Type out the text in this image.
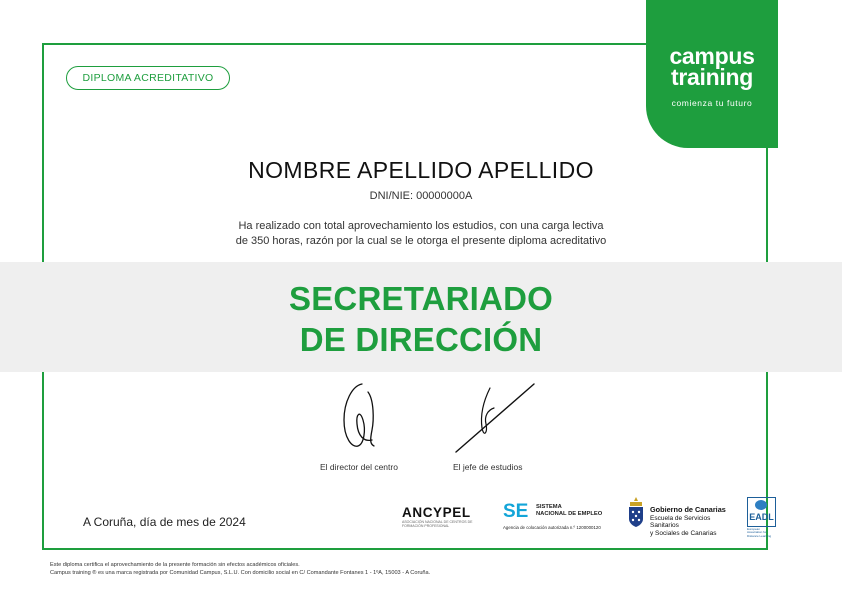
DIPLOMA ACREDITATIVO
campus
training
comienza tu futuro
NOMBRE APELLIDO APELLIDO
DNI/NIE: 00000000A
Ha realizado con total aprovechamiento los estudios, con una carga lectiva
de 350 horas, razón por la cual se le otorga el presente diploma acreditativo
SECRETARIADO
DE DIRECCIÓN
El director del centro	El jefe de estudios
A Coruña, día de mes de 2024
ANCYPEL
ASOCIACIÓN NACIONAL DE CENTROS DE FORMACIÓN PROFESIONAL
SE SISTEMA
NACIONAL DE EMPLEO
Agencia de colocación autorizada n.º 1200000120
Gobierno de Canarias
Escuela de Servicios Sanitarios
y Sociales de Canarias
EADL
European Association for Distance Learning
Este diploma certifica el aprovechamiento de la presente formación sin efectos académicos oficiales.
Campus training ® es una marca registrada por Comunidad Campus, S.L.U. Con domicilio social en C/ Comandante Fontanes 1 - 1ºA, 15003 - A Coruña.
